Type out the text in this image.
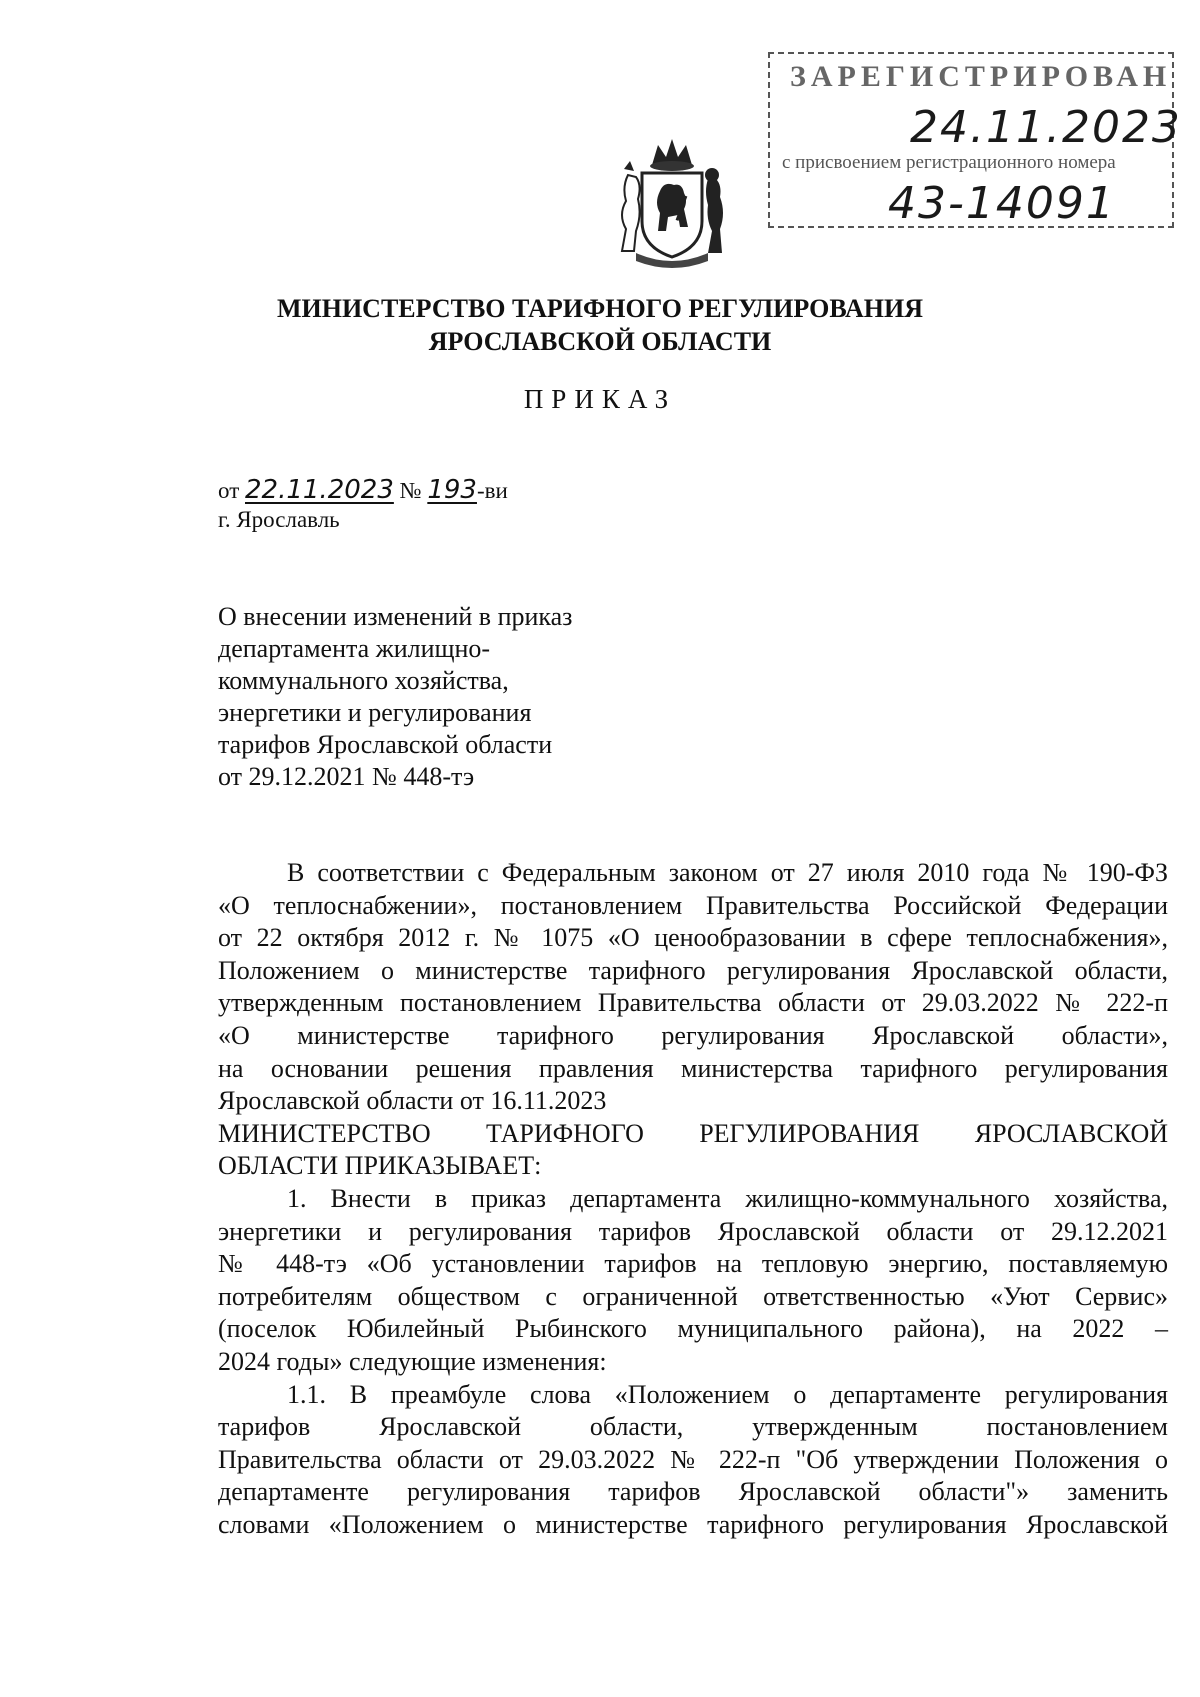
ЗАРЕГИСТРИРОВАН
24.11.2023
с присвоением регистрационного номера
43-14091
МИНИСТЕРСТВО ТАРИФНОГО РЕГУЛИРОВАНИЯ
ЯРОСЛАВСКОЙ ОБЛАСТИ
ПРИКАЗ
от 22.11.2023 № 193-ви
г. Ярославль
О внесении изменений в приказ
департамента жилищно-
коммунального хозяйства,
энергетики и регулирования
тарифов Ярославской области
от 29.12.2021 № 448-тэ
В соответствии с Федеральным законом от 27 июля 2010 года № 190-ФЗ
«О теплоснабжении», постановлением Правительства Российской Федерации
от 22 октября 2012 г. № 1075 «О ценообразовании в сфере теплоснабжения»,
Положением о министерстве тарифного регулирования Ярославской области,
утвержденным постановлением Правительства области от 29.03.2022 № 222-п
«О министерстве тарифного регулирования Ярославской области»,
на основании решения правления министерства тарифного регулирования
Ярославской области от 16.11.2023
МИНИСТЕРСТВО ТАРИФНОГО РЕГУЛИРОВАНИЯ ЯРОСЛАВСКОЙ
ОБЛАСТИ ПРИКАЗЫВАЕТ:
1. Внести в приказ департамента жилищно-коммунального хозяйства,
энергетики и регулирования тарифов Ярославской области от 29.12.2021
№ 448-тэ «Об установлении тарифов на тепловую энергию, поставляемую
потребителям обществом с ограниченной ответственностью «Уют Сервис»
(поселок Юбилейный Рыбинского муниципального района), на 2022 –
2024 годы» следующие изменения:
1.1. В преамбуле слова «Положением о департаменте регулирования
тарифов Ярославской области, утвержденным постановлением
Правительства области от 29.03.2022 № 222-п "Об утверждении Положения о
департаменте регулирования тарифов Ярославской области"» заменить
словами «Положением о министерстве тарифного регулирования Ярославской
